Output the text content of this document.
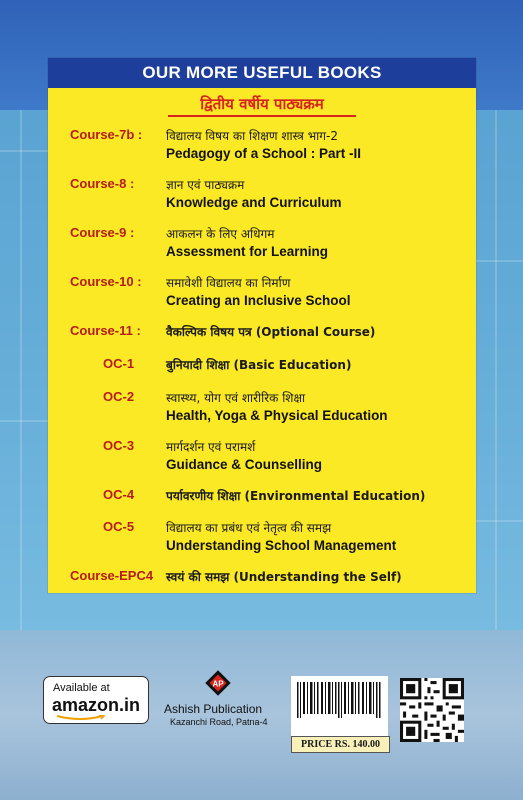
OUR MORE USEFUL BOOKS
द्वितीय वर्षीय पाठ्यक्रम
Course-7b : विद्यालय विषय का शिक्षण शास्त्र भाग-2
Pedagogy of a School : Part -II
Course-8 :	ज्ञान एवं पाठ्यक्रम
Knowledge and Curriculum
Course-9 :	आकलन के लिए अधिगम
Assessment for Learning
Course-10 : समावेशी विद्यालय का निर्माण
Creating an Inclusive School
Course-11 : वैकल्पिक विषय पत्र (Optional Course)
OC-1	बुनियादी शिक्षा (Basic Education)
OC-2	स्वास्थ्य, योग एवं शारीरिक शिक्षा
Health, Yoga & Physical Education
OC-3	मार्गदर्शन एवं परामर्श
Guidance & Counselling
OC-4	पर्यावरणीय शिक्षा (Environmental Education)
OC-5	विद्यालय का प्रबंध एवं नेतृत्व की समझ
Understanding School Management
Course-EPC4 स्वयं की समझ (Understanding the Self)
Available at
amazon.in
AP
Ashish Publication
Kazanchi Road, Patna-4
PRICE RS. 140.00
